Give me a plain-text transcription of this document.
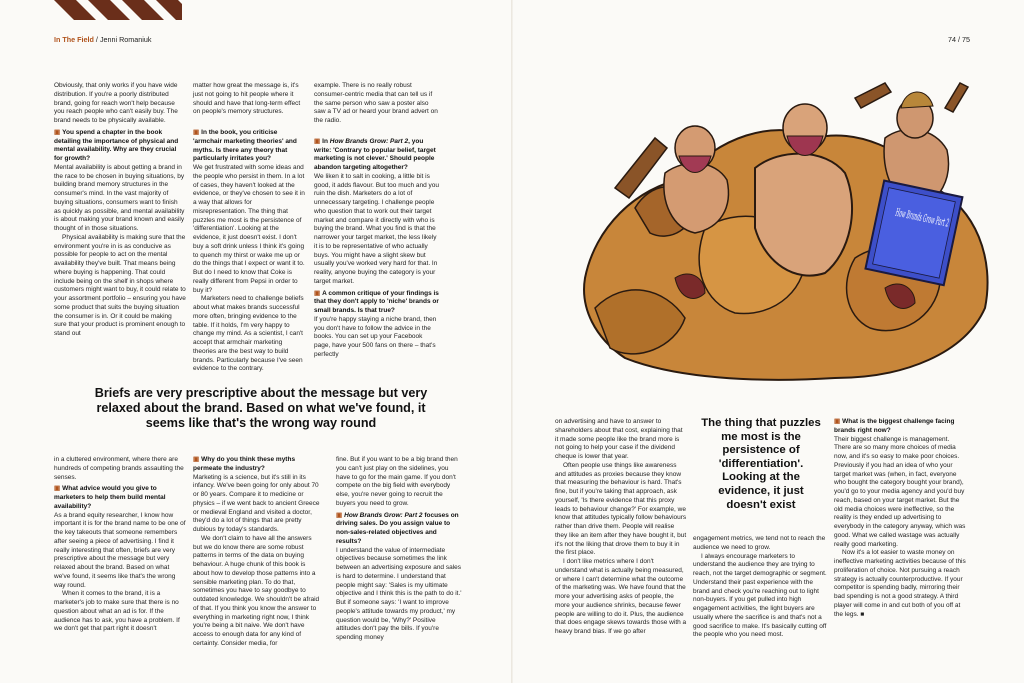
In The Field / Jenni Romaniuk	74 / 75

Obviously, that only works if you have wide distribution. If you're a poorly distributed brand, going for reach won't help because you reach people who can't easily buy. The brand needs to be physically available.

▣ You spend a chapter in the book detailing the importance of physical and mental availability. Why are they crucial for growth?

Mental availability is about getting a brand in the race to be chosen in buying situations, by building brand memory structures in the consumer's mind. In the vast majority of buying situations, consumers want to finish as quickly as possible, and mental availability is about making your brand known and easily thought of in those situations.

Physical availability is making sure that the environment you're in is as conducive as possible for people to act on the mental availability they've built. That means being where buying is happening. That could include being on the shelf in shops where customers might want to buy, it could relate to your assortment portfolio – ensuring you have some product that suits the buying situation the consumer is in. Or it could be making sure that your product is prominent enough to stand out

matter how great the message is, it's just not going to hit people where it should and have that long-term effect on people's memory structures.

▣ In the book, you criticise 'armchair marketing theories' and myths. Is there any theory that particularly irritates you?

We get frustrated with some ideas and the people who persist in them. In a lot of cases, they haven't looked at the evidence, or they've chosen to see it in a way that allows for misrepresentation. The thing that puzzles me most is the persistence of 'differentiation'. Looking at the evidence, it just doesn't exist. I don't buy a soft drink unless I think it's going to quench my thirst or wake me up or do the things that I expect or want it to. But do I need to know that Coke is really different from Pepsi in order to buy it?

Marketers need to challenge beliefs about what makes brands successful more often, bringing evidence to the table. If it holds, I'm very happy to change my mind. As a scientist, I can't accept that armchair marketing theories are the best way to build brands. Particularly because I've seen evidence to the contrary.

example. There is no really robust consumer-centric media that can tell us if the same person who saw a poster also saw a TV ad or heard your brand advert on the radio.

▣ In How Brands Grow: Part 2, you write: 'Contrary to popular belief, target marketing is not clever.' Should people abandon targeting altogether?

We liken it to salt in cooking, a little bit is good, it adds flavour. But too much and you ruin the dish. Marketers do a lot of unnecessary targeting. I challenge people who question that to work out their target market and compare it directly with who is buying the brand. What you find is that the narrower your target market, the less likely it is to be representative of who actually buys. You might have a slight skew but usually you've worked very hard for that. In reality, anyone buying the category is your target market.

▣ A common critique of your findings is that they don't apply to 'niche' brands or small brands. Is that true?

If you're happy staying a niche brand, then you don't have to follow the advice in the books. You can set up your Facebook page, have your 500 fans on there – that's perfectly

Briefs are very prescriptive about the message but very relaxed about the brand. Based on what we've found, it seems like that's the wrong way round

in a cluttered environment, where there are hundreds of competing brands assaulting the senses.

▣ What advice would you give to marketers to help them build mental availability?

As a brand equity researcher, I know how important it is for the brand name to be one of the key takeouts that someone remembers after seeing a piece of advertising. I find it really interesting that often, briefs are very prescriptive about the message but very relaxed about the brand. Based on what we've found, it seems like that's the wrong way round.

When it comes to the brand, it is a marketer's job to make sure that there is no question about what an ad is for. If the audience has to ask, you have a problem. If we don't get that part right it doesn't

▣ Why do you think these myths permeate the industry?

Marketing is a science, but it's still in its infancy. We've been going for only about 70 or 80 years. Compare it to medicine or physics – if we went back to ancient Greece or medieval England and visited a doctor, they'd do a lot of things that are pretty dubious by today's standards.

We don't claim to have all the answers but we do know there are some robust patterns in terms of the data on buying behaviour. A huge chunk of this book is about how to develop those patterns into a sensible marketing plan. To do that, sometimes you have to say goodbye to outdated knowledge. We shouldn't be afraid of that. If you think you know the answer to everything in marketing right now, I think you're being a bit naive. We don't have access to enough data for any kind of certainty. Consider media, for

fine. But if you want to be a big brand then you can't just play on the sidelines, you have to go for the main game. If you don't compete on the big field with everybody else, you're never going to recruit the buyers you need to grow.

▣ How Brands Grow: Part 2 focuses on driving sales. Do you assign value to non-sales-related objectives and results?

I understand the value of intermediate objectives because sometimes the link between an advertising exposure and sales is hard to determine. I understand that people might say: 'Sales is my ultimate objective and I think this is the path to do it.' But if someone says: 'I want to improve people's attitude towards my product,' my question would be, 'Why?' Positive attitudes don't pay the bills. If you're spending money

on advertising and have to answer to shareholders about that cost, explaining that it made some people like the brand more is not going to help your case if the dividend cheque is lower that year.

Often people use things like awareness and attitudes as proxies because they know that measuring the behaviour is hard. That's fine, but if you're taking that approach, ask yourself, 'Is there evidence that this proxy leads to behaviour change?' For example, we know that attitudes typically follow behaviours rather than drive them. People will realise they like an item after they have bought it, but it's not the liking that drove them to buy it in the first place.

I don't like metrics where I don't understand what is actually being measured, or where I can't determine what the outcome of the marketing was. We have found that the more your advertising asks of people, the more your audience shrinks, because fewer people are willing to do it. Plus, the audience that does engage skews towards those with a heavy brand bias. If we go after

The thing that puzzles me most is the persistence of 'differentiation'. Looking at the evidence, it just doesn't exist

engagement metrics, we tend not to reach the audience we need to grow.

I always encourage marketers to understand the audience they are trying to reach, not the target demographic or segment. Understand their past experience with the brand and check you're reaching out to light non-buyers. If you get pulled into high engagement activities, the light buyers are usually where the sacrifice is and that's not a good sacrifice to make. It's basically cutting off the people who you need most.

▣ What is the biggest challenge facing brands right now?

Their biggest challenge is management. There are so many more choices of media now, and it's so easy to make poor choices. Previously if you had an idea of who your target market was (when, in fact, everyone who bought the category bought your brand), you'd go to your media agency and you'd buy reach, based on your target market. But the old media choices were ineffective, so the reality is they ended up advertising to everybody in the category anyway, which was good. What we called wastage was actually really good marketing.

Now it's a lot easier to waste money on ineffective marketing activities because of this proliferation of choice. Not pursuing a reach strategy is actually counterproductive. If your competitor is spending badly, mirroring their bad spending is not a good strategy. A third player will come in and cut both of you off at the legs. ■
